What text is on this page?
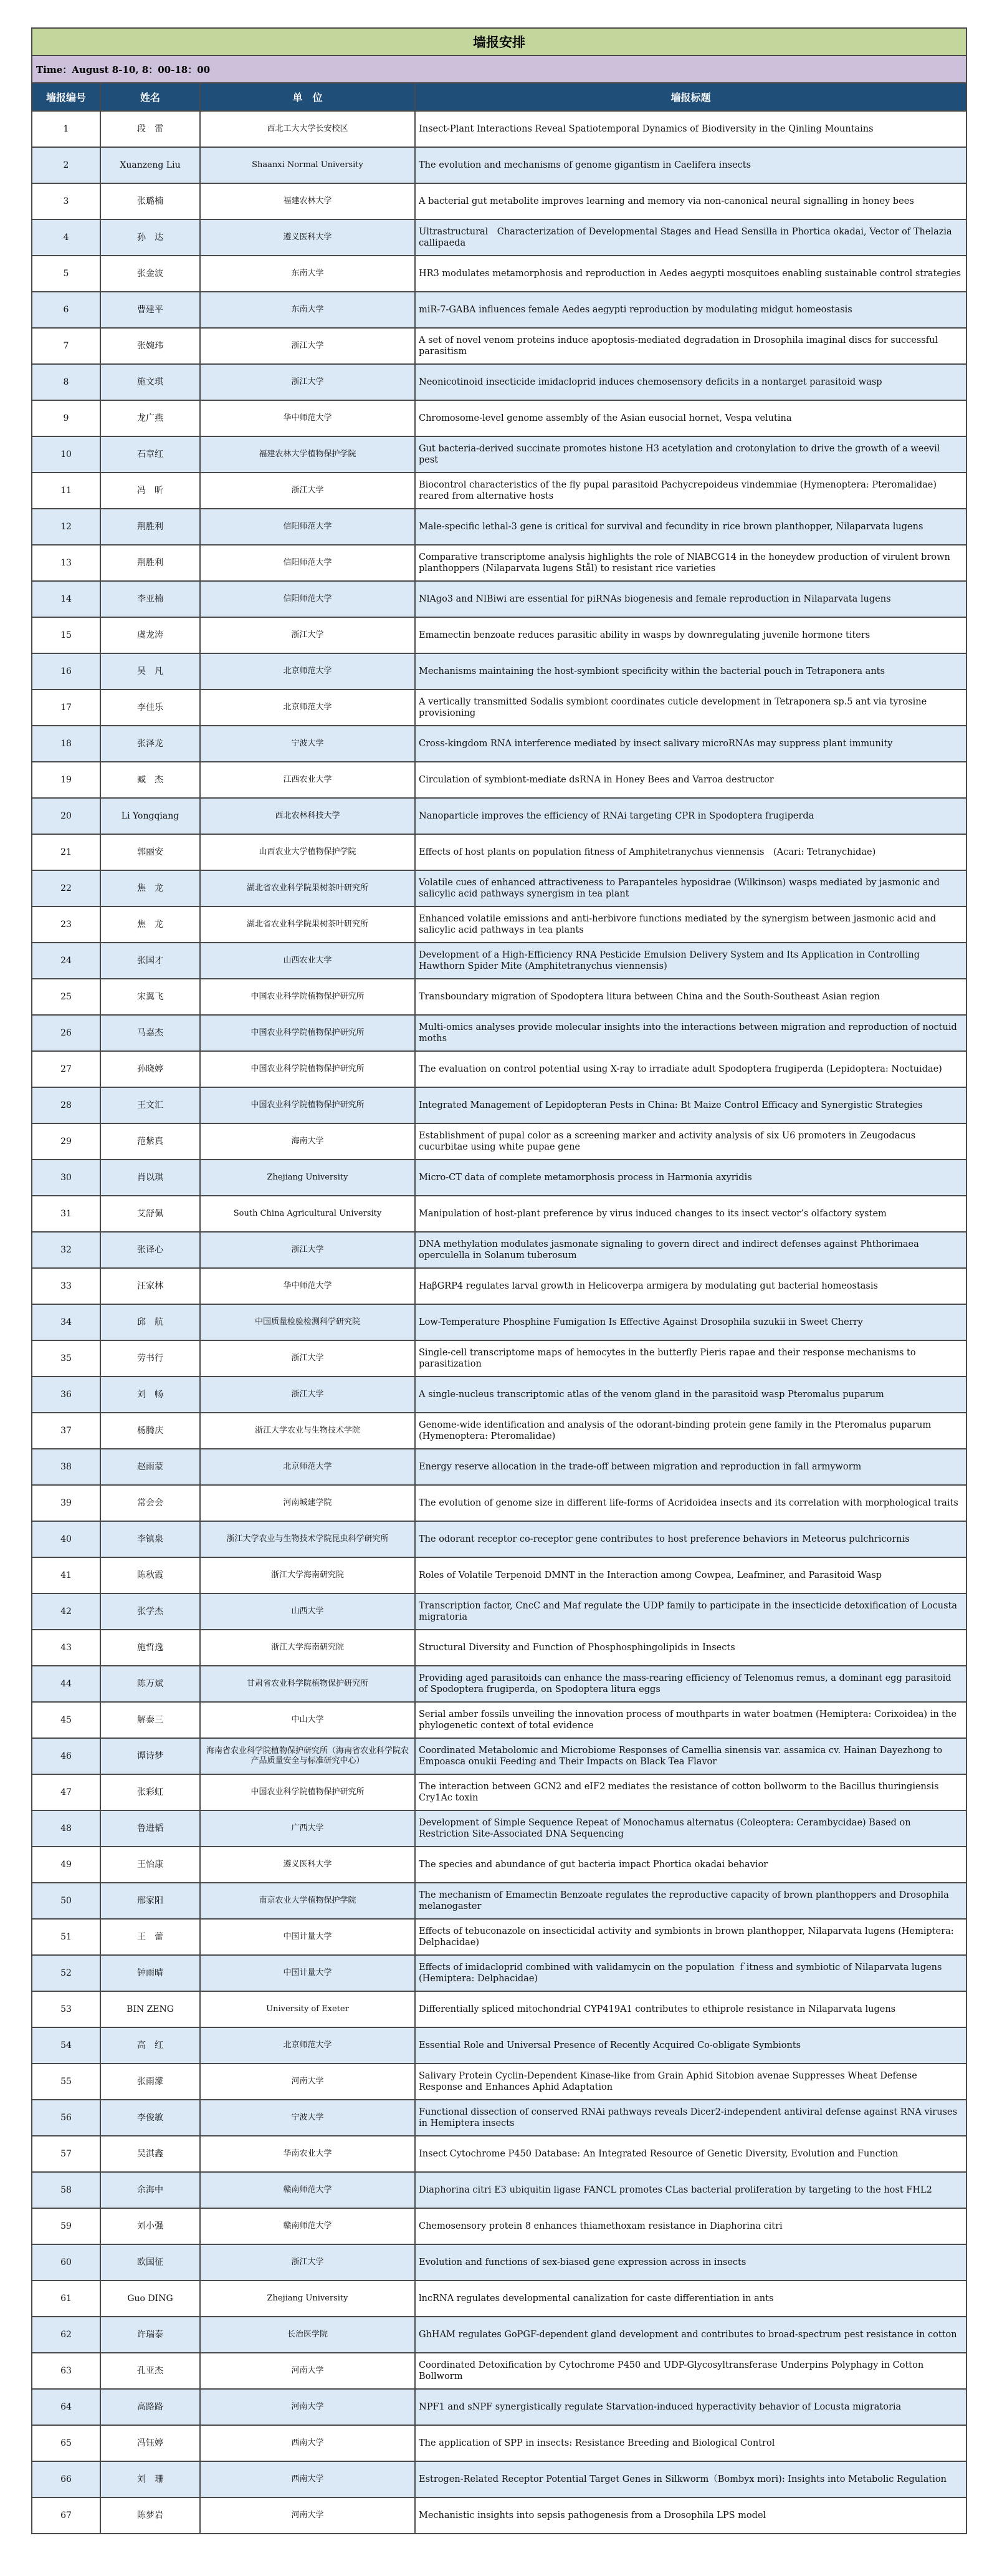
墙报安排			
Time：August 8-10, 8：00-18：00			
墙报编号	姓名	单　位	墙报标题
1	段　雷	西北工大大学长安校区	Insect-Plant Interactions Reveal Spatiotemporal Dynamics of Biodiversity in the Qinling Mountains
2	Xuanzeng Liu	Shaanxi Normal University	The evolution and mechanisms of genome gigantism in Caelifera insects
3	张璐楠	福建农林大学	A bacterial gut metabolite improves learning and memory via non-canonical neural signalling in honey bees
4	孙　达	遵义医科大学	Ultrastructural　Characterization of Developmental Stages and Head Sensilla in Phortica okadai, Vector of Thelazia callipaeda
5	张金波	东南大学	HR3 modulates metamorphosis and reproduction in Aedes aegypti mosquitoes enabling sustainable control strategies
6	曹建平	东南大学	miR-7-GABA influences female Aedes aegypti reproduction by modulating midgut homeostasis
7	张婉玮	浙江大学	A set of novel venom proteins induce apoptosis-mediated degradation in Drosophila imaginal discs for successful parasitism
8	施文琪	浙江大学	Neonicotinoid insecticide imidacloprid induces chemosensory deficits in a nontarget parasitoid wasp
9	龙广燕	华中师范大学	Chromosome-level genome assembly of the Asian eusocial hornet, Vespa velutina
10	石章红	福建农林大学植物保护学院	Gut bacteria-derived succinate promotes histone H3 acetylation and crotonylation to drive the growth of a weevil pest
11	冯　昕	浙江大学	Biocontrol characteristics of the fly pupal parasitoid Pachycrepoideus vindemmiae (Hymenoptera: Pteromalidae) reared from alternative hosts
12	荆胜利	信阳师范大学	Male-specific lethal-3 gene is critical for survival and fecundity in rice brown planthopper, Nilaparvata lugens
13	荆胜利	信阳师范大学	Comparative transcriptome analysis highlights the role of NlABCG14 in the honeydew production of virulent brown planthoppers (Nilaparvata lugens Stål) to resistant rice varieties
14	李亚楠	信阳师范大学	NlAgo3 and NlBiwi are essential for piRNAs biogenesis and female reproduction in Nilaparvata lugens
15	虞龙涛	浙江大学	Emamectin benzoate reduces parasitic ability in wasps by downregulating juvenile hormone titers
16	吴　凡	北京师范大学	Mechanisms maintaining the host-symbiont specificity within the bacterial pouch in Tetraponera ants
17	李佳乐	北京师范大学	A vertically transmitted Sodalis symbiont coordinates cuticle development in Tetraponera sp.5 ant via tyrosine provisioning
18	张泽龙	宁波大学	Cross-kingdom RNA interference mediated by insect salivary microRNAs may suppress plant immunity
19	臧　杰	江西农业大学	Circulation of symbiont-mediate dsRNA in Honey Bees and Varroa destructor
20	Li Yongqiang	西北农林科技大学	Nanoparticle improves the efficiency of RNAi targeting CPR in Spodoptera frugiperda
21	郭丽安	山西农业大学植物保护学院	Effects of host plants on population fitness of Amphitetranychus viennensis　(Acari: Tetranychidae)
22	焦　龙	湖北省农业科学院果树茶叶研究所	Volatile cues of enhanced attractiveness to Parapanteles hyposidrae (Wilkinson) wasps mediated by jasmonic and salicylic acid pathways synergism in tea plant
23	焦　龙	湖北省农业科学院果树茶叶研究所	Enhanced volatile emissions and anti-herbivore functions mediated by the synergism between jasmonic acid and salicylic acid pathways in tea plants
24	张国才	山西农业大学	Development of a High-Efficiency RNA Pesticide Emulsion Delivery System and Its Application in Controlling Hawthorn Spider Mite (Amphitetranychus viennensis)
25	宋翼飞	中国农业科学院植物保护研究所	Transboundary migration of Spodoptera litura between China and the South-Southeast Asian region
26	马嘉杰	中国农业科学院植物保护研究所	Multi-omics analyses provide molecular insights into the interactions between migration and reproduction of noctuid moths
27	孙晓婷	中国农业科学院植物保护研究所	The evaluation on control potential using X-ray to irradiate adult Spodoptera frugiperda (Lepidoptera: Noctuidae)
28	王文汇	中国农业科学院植物保护研究所	Integrated Management of Lepidopteran Pests in China: Bt Maize Control Efficacy and Synergistic Strategies
29	范紫真	海南大学	Establishment of pupal color as a screening marker and activity analysis of six U6 promoters in Zeugodacus cucurbitae using white pupae gene
30	肖以琪	Zhejiang University	Micro-CT data of complete metamorphosis process in Harmonia axyridis
31	艾舒佩	South China Agricultural University	Manipulation of host-plant preference by virus induced changes to its insect vector’s olfactory system
32	张译心	浙江大学	DNA methylation modulates jasmonate signaling to govern direct and indirect defenses against Phthorimaea operculella in Solanum tuberosum
33	汪家林	华中师范大学	HaβGRP4 regulates larval growth in Helicoverpa armigera by modulating gut bacterial homeostasis
34	邱　航	中国质量检验检测科学研究院	Low-Temperature Phosphine Fumigation Is Effective Against Drosophila suzukii in Sweet Cherry
35	劳书行	浙江大学	Single-cell transcriptome maps of hemocytes in the butterfly Pieris rapae and their response mechanisms to parasitization
36	刘　畅	浙江大学	A single-nucleus transcriptomic atlas of the venom gland in the parasitoid wasp Pteromalus puparum
37	杨腾庆	浙江大学农业与生物技术学院	Genome-wide identification and analysis of the odorant-binding protein gene family in the Pteromalus puparum (Hymenoptera: Pteromalidae)
38	赵雨蒙	北京师范大学	Energy reserve allocation in the trade-off between migration and reproduction in fall armyworm
39	常会会	河南城建学院	The evolution of genome size in different life-forms of Acridoidea insects and its correlation with morphological traits
40	李镇泉	浙江大学农业与生物技术学院昆虫科学研究所	The odorant receptor co-receptor gene contributes to host preference behaviors in Meteorus pulchricornis
41	陈秋霞	浙江大学海南研究院	Roles of Volatile Terpenoid DMNT in the Interaction among Cowpea, Leafminer, and Parasitoid Wasp
42	张学杰	山西大学	Transcription factor, CncC and Maf regulate the UDP family to participate in the insecticide detoxification of Locusta migratoria
43	施哲逸	浙江大学海南研究院	Structural Diversity and Function of Phosphosphingolipids in Insects
44	陈万斌	甘肃省农业科学院植物保护研究所	Providing aged parasitoids can enhance the mass-rearing efficiency of Telenomus remus, a dominant egg parasitoid of Spodoptera frugiperda, on Spodoptera litura eggs
45	解泰三	中山大学	Serial amber fossils unveiling the innovation process of mouthparts in water boatmen (Hemiptera: Corixoidea) in the phylogenetic context of total evidence
46	谭诗梦	海南省农业科学院植物保护研究所（海南省农业科学院农产品质量安全与标准研究中心）	Coordinated Metabolomic and Microbiome Responses of Camellia sinensis var. assamica cv. Hainan Dayezhong to Empoasca onukii Feeding and Their Impacts on Black Tea Flavor
47	张彩虹	中国农业科学院植物保护研究所	The interaction between GCN2 and eIF2 mediates the resistance of cotton bollworm to the Bacillus thuringiensis Cry1Ac toxin
48	鲁进韬	广西大学	Development of Simple Sequence Repeat of Monochamus alternatus (Coleoptera: Cerambycidae) Based on Restriction Site-Associated DNA Sequencing
49	王怡康	遵义医科大学	The species and abundance of gut bacteria impact Phortica okadai behavior
50	邢家阳	南京农业大学植物保护学院	The mechanism of Emamectin Benzoate regulates the reproductive capacity of brown planthoppers and Drosophila melanogaster
51	王　蕾	中国计量大学	Effects of tebuconazole on insecticidal activity and symbionts in brown planthopper, Nilaparvata lugens (Hemiptera: Delphacidae)
52	钟雨晴	中国计量大学	Effects of imidacloprid combined with validamycin on the population ｆitness and symbiotic of Nilaparvata lugens (Hemiptera: Delphacidae)
53	BIN ZENG	University of Exeter	Differentially spliced mitochondrial CYP419A1 contributes to ethiprole resistance in Nilaparvata lugens
54	高　红	北京师范大学	Essential Role and Universal Presence of Recently Acquired Co-obligate Symbionts
55	张雨濛	河南大学	Salivary Protein Cyclin-Dependent Kinase-like from Grain Aphid Sitobion avenae Suppresses Wheat Defense Response and Enhances Aphid Adaptation
56	李俊敏	宁波大学	Functional dissection of conserved RNAi pathways reveals Dicer2-independent antiviral defense against RNA viruses in Hemiptera insects
57	吴淇鑫	华南农业大学	Insect Cytochrome P450 Database: An Integrated Resource of Genetic Diversity, Evolution and Function
58	余海中	赣南师范大学	Diaphorina citri E3 ubiquitin ligase FANCL promotes CLas bacterial proliferation by targeting to the host FHL2
59	刘小强	赣南师范大学	Chemosensory protein 8 enhances thiamethoxam resistance in Diaphorina citri
60	欧国征	浙江大学	Evolution and functions of sex-biased gene expression across in insects
61	Guo DING	Zhejiang University	lncRNA regulates developmental canalization for caste differentiation in ants
62	许瑞泰	长治医学院	GhHAM regulates GoPGF-dependent gland development and contributes to broad-spectrum pest resistance in cotton
63	孔亚杰	河南大学	Coordinated Detoxification by Cytochrome P450 and UDP-Glycosyltransferase Underpins Polyphagy in Cotton Bollworm
64	高路路	河南大学	NPF1 and sNPF synergistically regulate Starvation-induced hyperactivity behavior of Locusta migratoria
65	冯钰婷	西南大学	The application of SPP in insects: Resistance Breeding and Biological Control
66	刘　珊	西南大学	Estrogen-Related Receptor Potential Target Genes in Silkworm（Bombyx mori): Insights into Metabolic Regulation
67	陈梦岩	河南大学	Mechanistic insights into sepsis pathogenesis from a Drosophila LPS model
